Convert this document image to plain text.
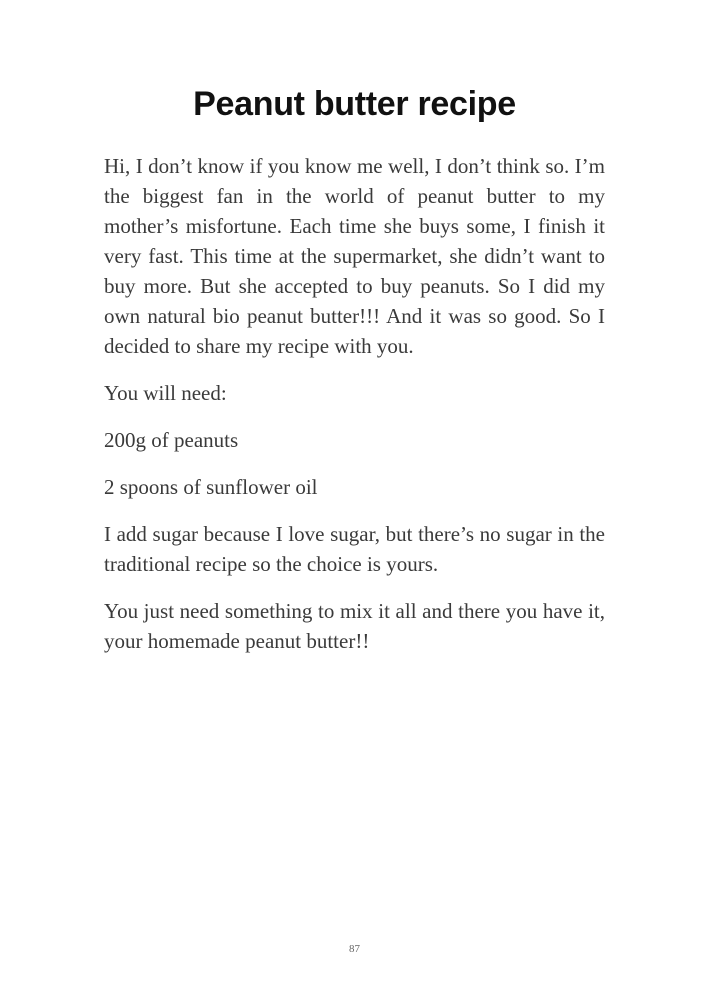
Peanut butter recipe

Hi, I don’t know if you know me well, I don’t think so. I’m the biggest fan in the world of peanut butter to my mother’s misfortune. Each time she buys some, I finish it very fast. This time at the supermarket, she didn’t want to buy more. But she accepted to buy peanuts. So I did my own natural bio peanut butter!!! And it was so good. So I decided to share my recipe with you.

You will need:

200g of peanuts

2 spoons of sunflower oil

I add sugar because I love sugar, but there’s no sugar in the traditional recipe so the choice is yours.

You just need something to mix it all and there you have it, your homemade peanut butter!!

87
